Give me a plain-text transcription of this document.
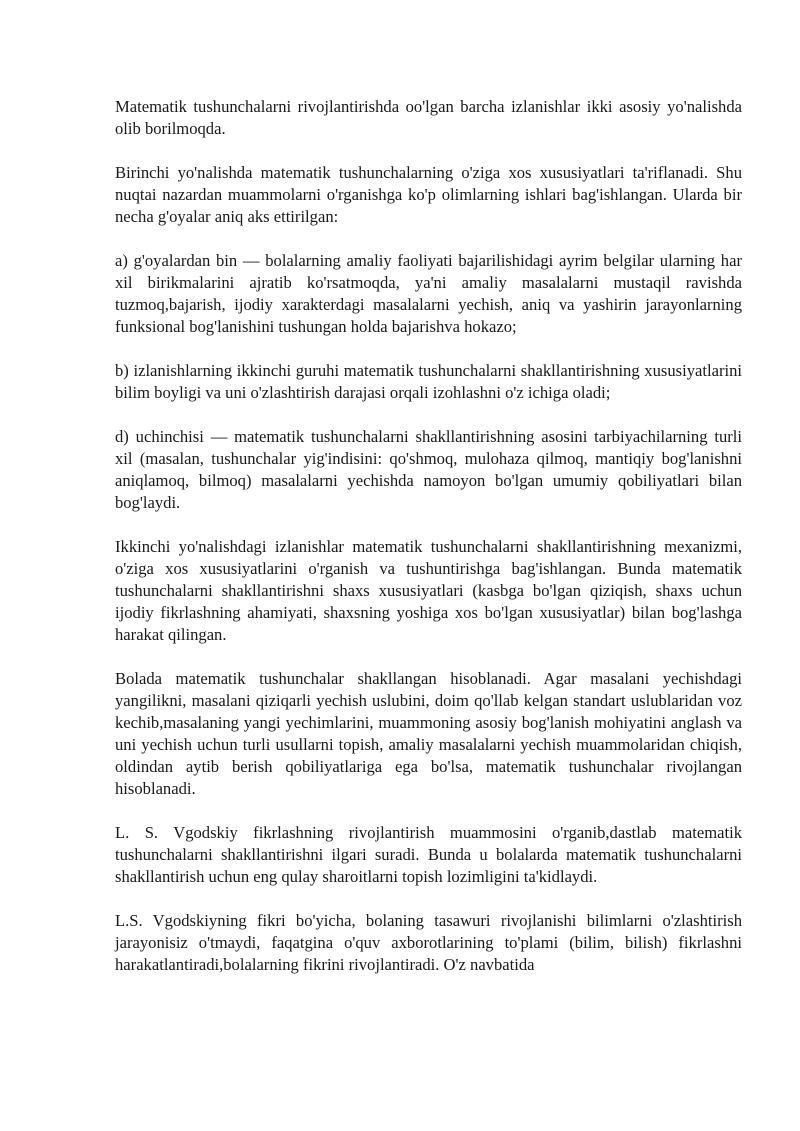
Matematik tushunchalarni rivojlantirishda oo'lgan barcha izlanishlar ikki asosiy yo'nalishda olib borilmoqda.

Birinchi yo'nalishda matematik tushunchalarning o'ziga xos xususiyatlari ta'riflanadi. Shu nuqtai nazardan muammolarni o'rganishga ko'p olimlarning ishlari bag'ishlangan. Ularda bir necha g'oyalar aniq aks ettirilgan:

a) g'oyalardan bin — bolalarning amaliy faoliyati bajarilishidagi ayrim belgilar ularning har xil birikmalarini ajratib ko'rsatmoqda, ya'ni amaliy masalalarni mustaqil ravishda tuzmoq,bajarish, ijodiy xarakterdagi masalalarni yechish, aniq va yashirin jarayonlarning funksional bog'lanishini tushungan holda bajarishva hokazo;

b) izlanishlarning ikkinchi guruhi matematik tushunchalarni shakllantirishning xususiyatlarini bilim boyligi va uni o'zlashtirish darajasi orqali izohlashni o'z ichiga oladi;

d) uchinchisi — matematik tushunchalarni shakllantirishning asosini tarbiyachilarning turli xil (masalan, tushunchalar yig'indisini: qo'shmoq, mulohaza qilmoq, mantiqiy bog'lanishni aniqlamoq, bilmoq) masalalarni yechishda namoyon bo'lgan umumiy qobiliyatlari bilan bog'laydi.

Ikkinchi yo'nalishdagi izlanishlar matematik tushunchalarni shakllantirishning mexanizmi, o'ziga xos xususiyatlarini o'rganish va tushuntirishga bag'ishlangan. Bunda matematik tushunchalarni shakllantirishni shaxs xususiyatlari (kasbga bo'lgan qiziqish, shaxs uchun ijodiy fikrlashning ahamiyati, shaxsning yoshiga xos bo'lgan xususiyatlar) bilan bog'lashga harakat qilingan.

Bolada matematik tushunchalar shakllangan hisoblanadi. Agar masalani yechishdagi yangilikni, masalani qiziqarli yechish uslubini, doim qo'llab kelgan standart uslublaridan voz kechib,masalaning yangi yechimlarini, muammoning asosiy bog'lanish mohiyatini anglash va uni yechish uchun turli usullarni topish, amaliy masalalarni yechish muammolaridan chiqish, oldindan aytib berish qobiliyatlariga ega bo'lsa, matematik tushunchalar rivojlangan hisoblanadi.

L. S. Vgodskiy fikrlashning rivojlantirish muammosini o'rganib,dastlab matematik tushunchalarni shakllantirishni ilgari suradi. Bunda u bolalarda matematik tushunchalarni shakllantirish uchun eng qulay sharoitlarni topish lozimligini ta'kidlaydi.

L.S. Vgodskiyning fikri bo'yicha, bolaning tasawuri rivojlanishi bilimlarni o'zlashtirish jarayonisiz o'tmaydi, faqatgina o'quv axborotlarining to'plami (bilim, bilish) fikrlashni harakatlantiradi,bolalarning fikrini rivojlantiradi. O'z navbatida
